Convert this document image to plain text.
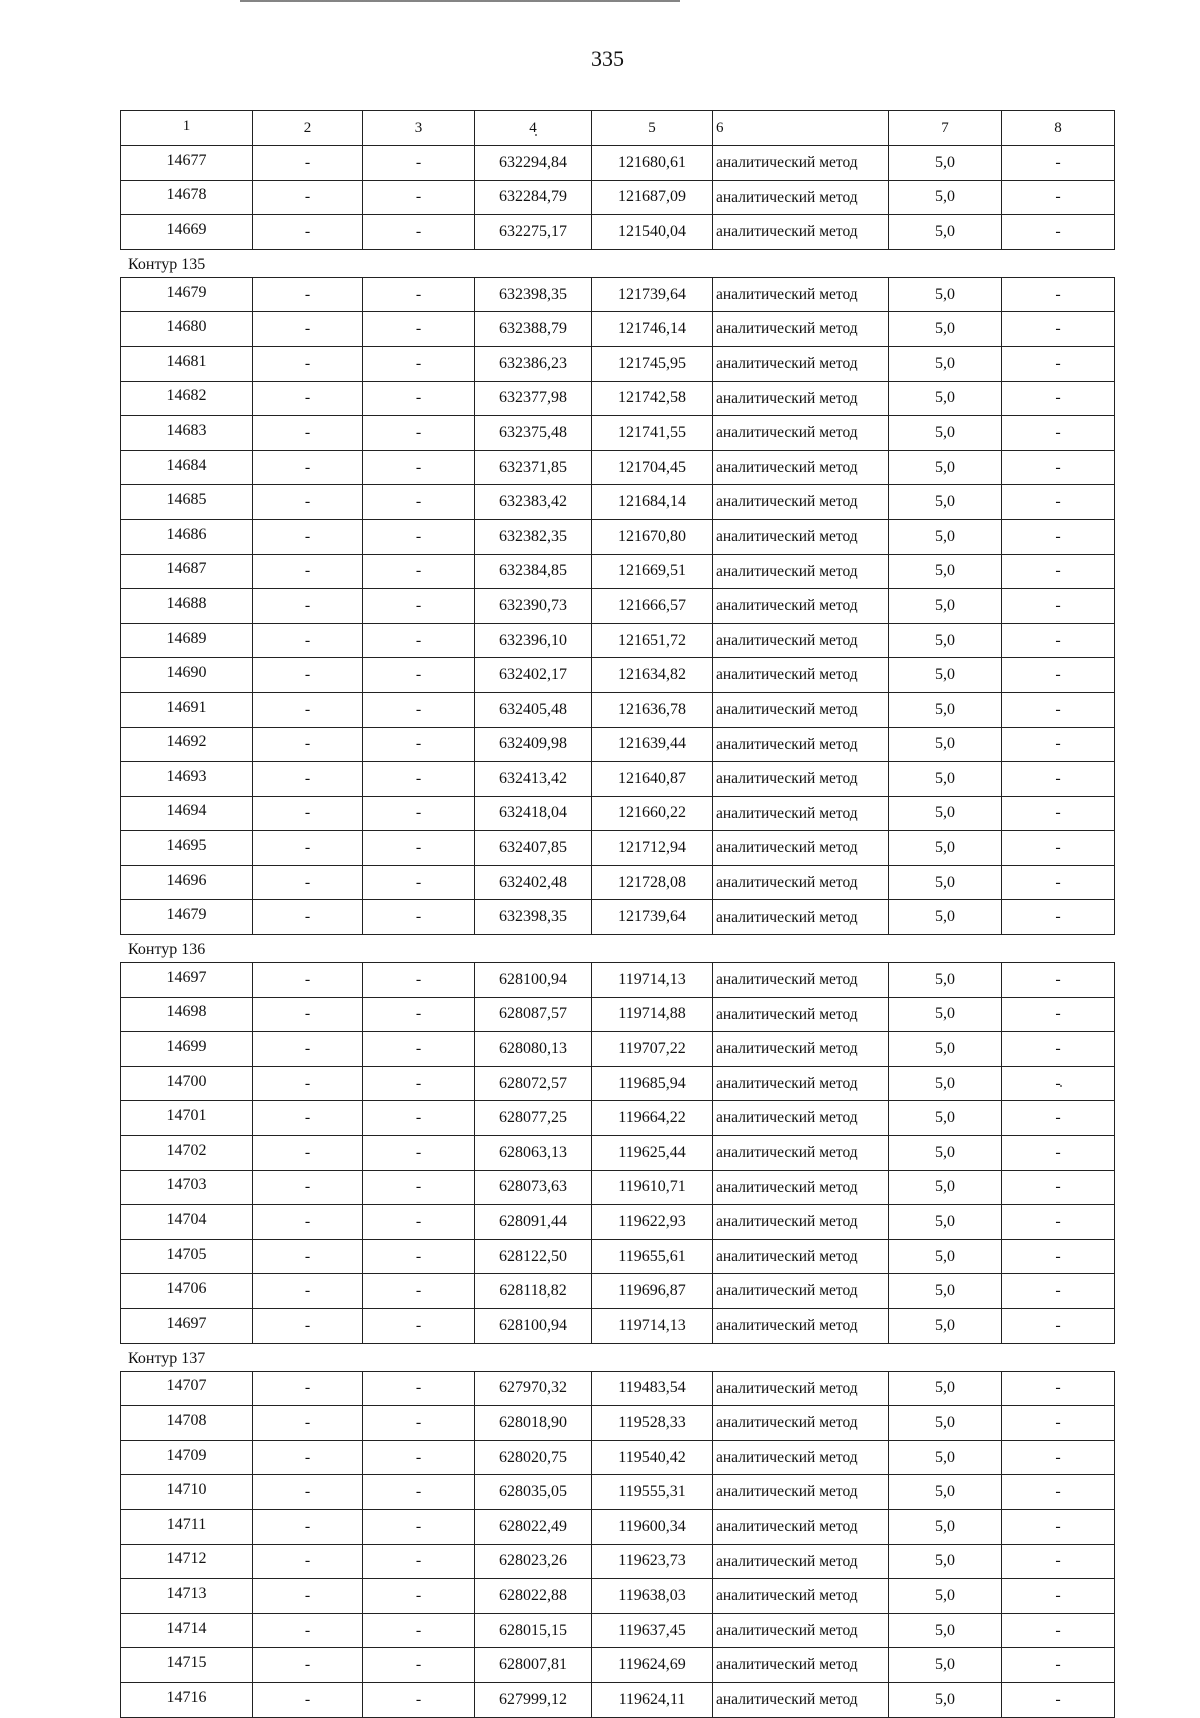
335
1	2	3	4	5	6	7	8
14677	-	-	632294,84	121680,61	аналитический метод	5,0	-
14678	-	-	632284,79	121687,09	аналитический метод	5,0	-
14669	-	-	632275,17	121540,04	аналитический метод	5,0	-
Контур 135
14679	-	-	632398,35	121739,64	аналитический метод	5,0	-
14680	-	-	632388,79	121746,14	аналитический метод	5,0	-
14681	-	-	632386,23	121745,95	аналитический метод	5,0	-
14682	-	-	632377,98	121742,58	аналитический метод	5,0	-
14683	-	-	632375,48	121741,55	аналитический метод	5,0	-
14684	-	-	632371,85	121704,45	аналитический метод	5,0	-
14685	-	-	632383,42	121684,14	аналитический метод	5,0	-
14686	-	-	632382,35	121670,80	аналитический метод	5,0	-
14687	-	-	632384,85	121669,51	аналитический метод	5,0	-
14688	-	-	632390,73	121666,57	аналитический метод	5,0	-
14689	-	-	632396,10	121651,72	аналитический метод	5,0	-
14690	-	-	632402,17	121634,82	аналитический метод	5,0	-
14691	-	-	632405,48	121636,78	аналитический метод	5,0	-
14692	-	-	632409,98	121639,44	аналитический метод	5,0	-
14693	-	-	632413,42	121640,87	аналитический метод	5,0	-
14694	-	-	632418,04	121660,22	аналитический метод	5,0	-
14695	-	-	632407,85	121712,94	аналитический метод	5,0	-
14696	-	-	632402,48	121728,08	аналитический метод	5,0	-
14679	-	-	632398,35	121739,64	аналитический метод	5,0	-
Контур 136
14697	-	-	628100,94	119714,13	аналитический метод	5,0	-
14698	-	-	628087,57	119714,88	аналитический метод	5,0	-
14699	-	-	628080,13	119707,22	аналитический метод	5,0	-
14700	-	-	628072,57	119685,94	аналитический метод	5,0	-
14701	-	-	628077,25	119664,22	аналитический метод	5,0	-
14702	-	-	628063,13	119625,44	аналитический метод	5,0	-
14703	-	-	628073,63	119610,71	аналитический метод	5,0	-
14704	-	-	628091,44	119622,93	аналитический метод	5,0	-
14705	-	-	628122,50	119655,61	аналитический метод	5,0	-
14706	-	-	628118,82	119696,87	аналитический метод	5,0	-
14697	-	-	628100,94	119714,13	аналитический метод	5,0	-
Контур 137
14707	-	-	627970,32	119483,54	аналитический метод	5,0	-
14708	-	-	628018,90	119528,33	аналитический метод	5,0	-
14709	-	-	628020,75	119540,42	аналитический метод	5,0	-
14710	-	-	628035,05	119555,31	аналитический метод	5,0	-
14711	-	-	628022,49	119600,34	аналитический метод	5,0	-
14712	-	-	628023,26	119623,73	аналитический метод	5,0	-
14713	-	-	628022,88	119638,03	аналитический метод	5,0	-
14714	-	-	628015,15	119637,45	аналитический метод	5,0	-
14715	-	-	628007,81	119624,69	аналитический метод	5,0	-
14716	-	-	627999,12	119624,11	аналитический метод	5,0	-
